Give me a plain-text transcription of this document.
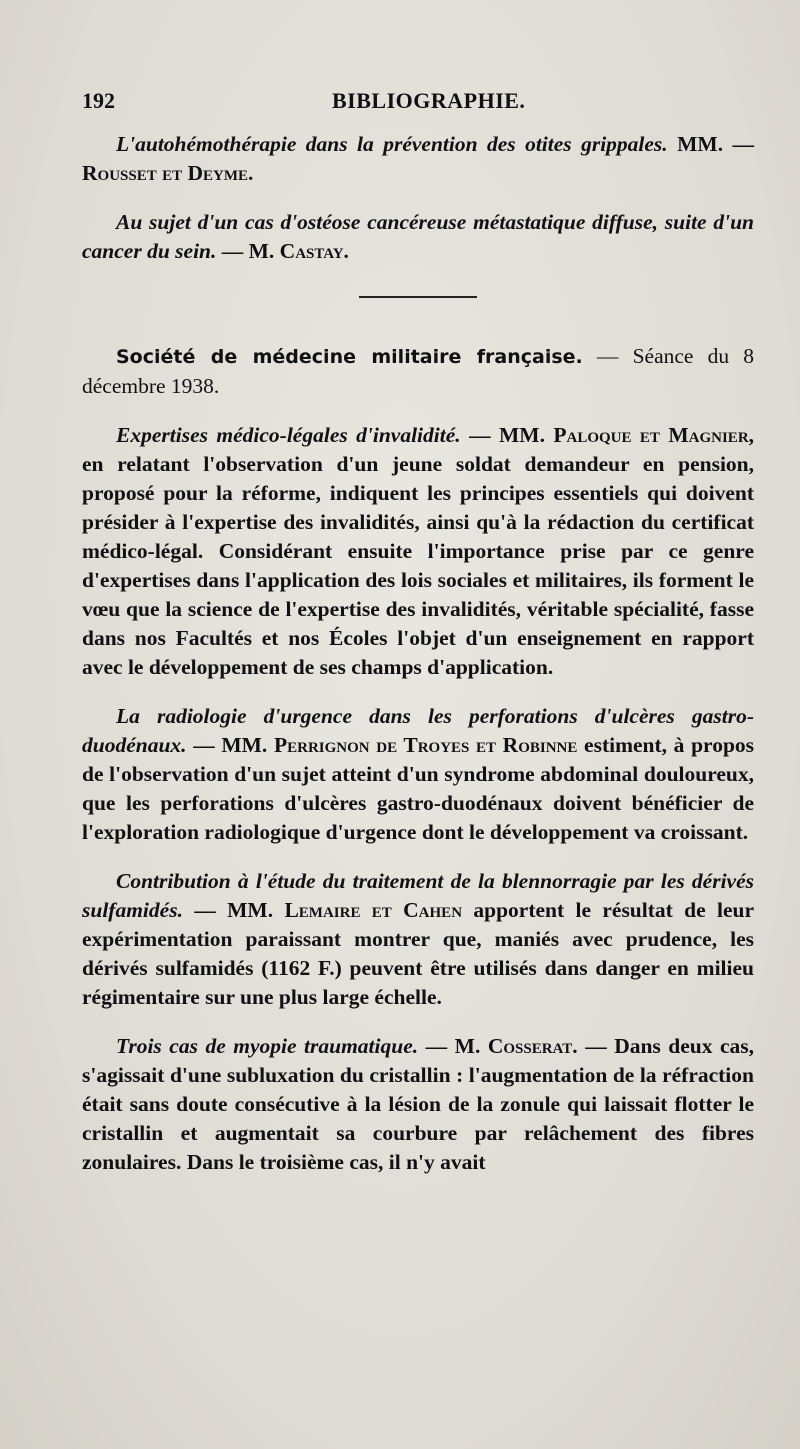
192	BIBLIOGRAPHIE.

L'autohémothérapie dans la prévention des otites grippales. MM. — Rousset et Deyme.

Au sujet d'un cas d'ostéose cancéreuse métastatique diffuse, suite d'un cancer du sein. — M. Castay.

Société de médecine militaire française. — Séance du 8 décembre 1938.

Expertises médico-légales d'invalidité. — MM. Paloque et Magnier, en relatant l'observation d'un jeune soldat demandeur en pension, proposé pour la réforme, indiquent les principes essentiels qui doivent présider à l'expertise des invalidités, ainsi qu'à la rédaction du certificat médico-légal. Considérant ensuite l'importance prise par ce genre d'expertises dans l'application des lois sociales et militaires, ils forment le vœu que la science de l'expertise des invalidités, véritable spécialité, fasse dans nos Facultés et nos Écoles l'objet d'un enseignement en rapport avec le développement de ses champs d'application.

La radiologie d'urgence dans les perforations d'ulcères gastro-duodénaux. — MM. Perrignon de Troyes et Robinne estiment, à propos de l'observation d'un sujet atteint d'un syndrome abdominal douloureux, que les perforations d'ulcères gastro-duodénaux doivent bénéficier de l'exploration radiologique d'urgence dont le développement va croissant.

Contribution à l'étude du traitement de la blennorragie par les dérivés sulfamidés. — MM. Lemaire et Cahen apportent le résultat de leur expérimentation paraissant montrer que, maniés avec prudence, les dérivés sulfamidés (1162 F.) peuvent être utilisés dans danger en milieu régimentaire sur une plus large échelle.

Trois cas de myopie traumatique. — M. Cosserat. — Dans deux cas, s'agissait d'une subluxation du cristallin : l'augmentation de la réfraction était sans doute consécutive à la lésion de la zonule qui laissait flotter le cristallin et augmentait sa courbure par relâchement des fibres zonulaires. Dans le troisième cas, il n'y avait
